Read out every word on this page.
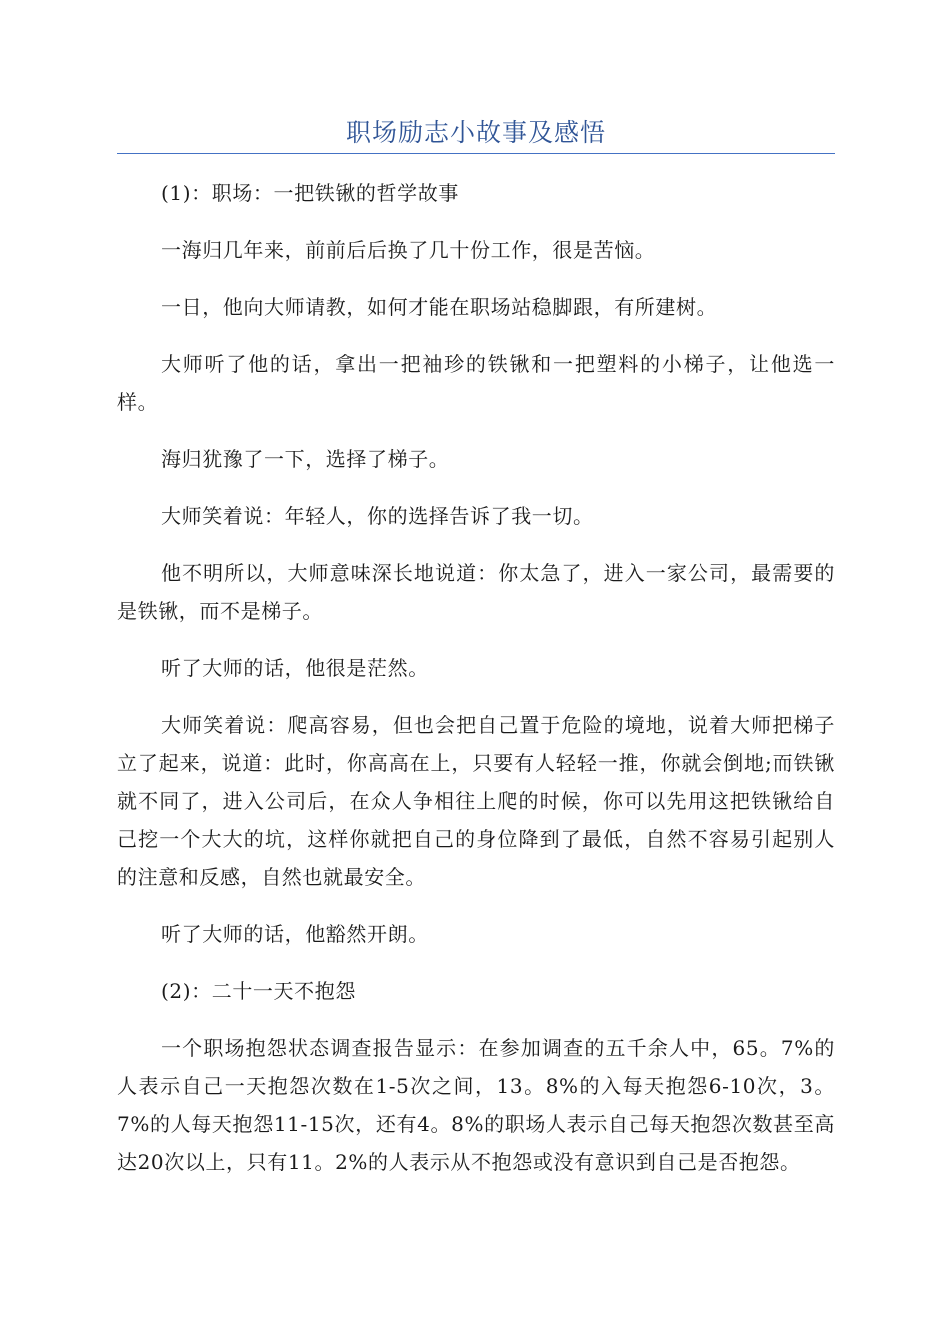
职场励志小故事及感悟

(1)：职场：一把铁锹的哲学故事

一海归几年来，前前后后换了几十份工作，很是苦恼。

一日，他向大师请教，如何才能在职场站稳脚跟，有所建树。

大师听了他的话，拿出一把袖珍的铁锹和一把塑料的小梯子，让他选一样。

海归犹豫了一下，选择了梯子。

大师笑着说：年轻人，你的选择告诉了我一切。

他不明所以，大师意味深长地说道：你太急了，进入一家公司，最需要的是铁锹，而不是梯子。

听了大师的话，他很是茫然。

大师笑着说：爬高容易，但也会把自己置于危险的境地，说着大师把梯子立了起来，说道：此时，你高高在上，只要有人轻轻一推，你就会倒地;而铁锹就不同了，进入公司后，在众人争相往上爬的时候，你可以先用这把铁锹给自己挖一个大大的坑，这样你就把自己的身位降到了最低，自然不容易引起别人的注意和反感，自然也就最安全。

听了大师的话，他豁然开朗。

(2)：二十一天不抱怨

一个职场抱怨状态调查报告显示：在参加调查的五千余人中，65。7%的人表示自己一天抱怨次数在1-5次之间，13。8%的入每天抱怨6-10次，3。7%的人每天抱怨11-15次，还有4。8%的职场人表示自己每天抱怨次数甚至高达20次以上，只有11。2%的人表示从不抱怨或没有意识到自己是否抱怨。
